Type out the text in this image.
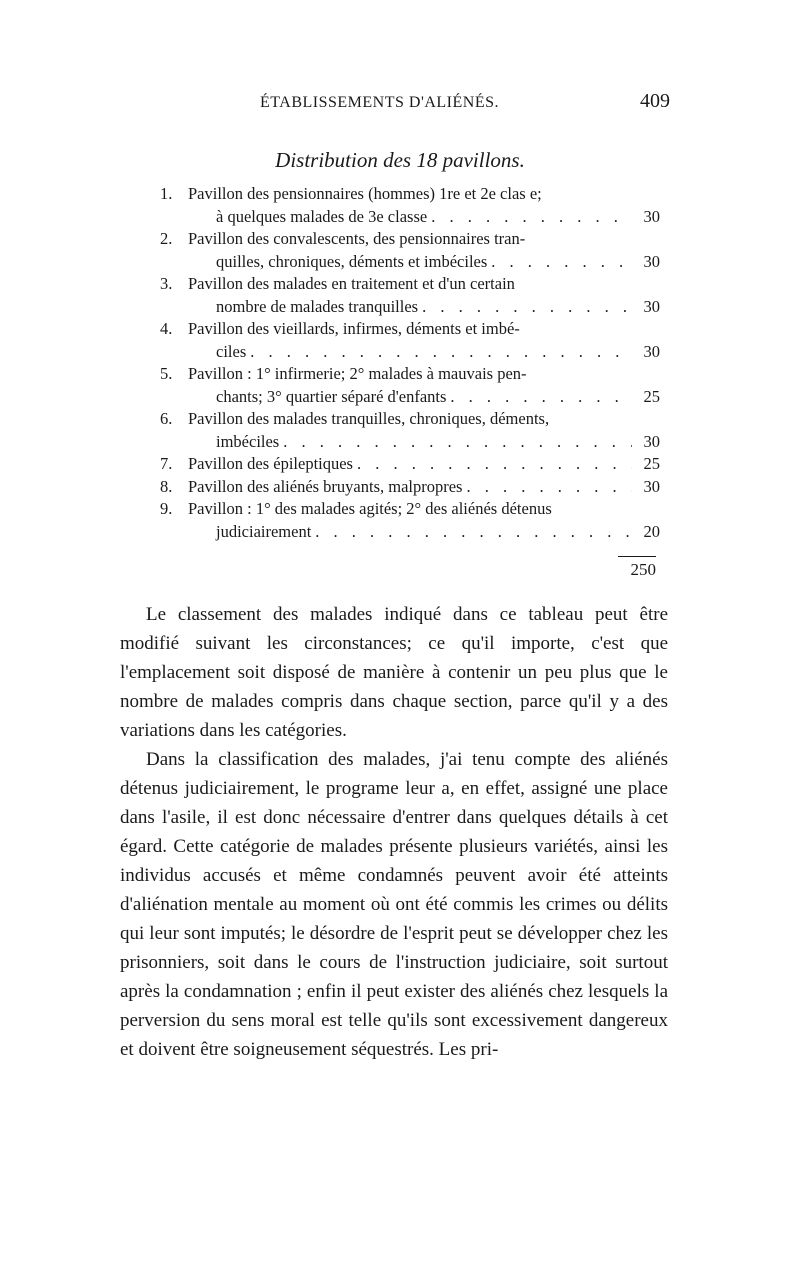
ÉTABLISSEMENTS D'ALIÉNÉS.	409
Distribution des 18 pavillons.
1. Pavillon des pensionnaires (hommes) 1re et 2e clas e;
à quelques malades de 3e classe . . .	30
2. Pavillon des convalescents, des pensionnaires tran-
quilles, chroniques, déments et imbéciles . . .	30
3. Pavillon des malades en traitement et d'un certain
nombre de malades tranquilles . . .	30
4. Pavillon des vieillards, infirmes, déments et imbé-
ciles . . .	30
5. Pavillon : 1° infirmerie; 2° malades à mauvais pen-
chants; 3° quartier séparé d'enfants . . .	25
6. Pavillon des malades tranquilles, chroniques, déments,
imbéciles . . .	30
7. Pavillon des épileptiques . . .	25
8. Pavillon des aliénés bruyants, malpropres . . .	30
9. Pavillon : 1° des malades agités; 2° des aliénés détenus
judiciairement . . .	20
250

Le classement des malades indiqué dans ce tableau peut être modifié suivant les circonstances; ce qu'il importe, c'est que l'emplacement soit disposé de manière à contenir un peu plus que le nombre de malades compris dans chaque section, parce qu'il y a des variations dans les catégories.

Dans la classification des malades, j'ai tenu compte des aliénés détenus judiciairement, le programe leur a, en effet, assigné une place dans l'asile, il est donc nécessaire d'entrer dans quelques détails à cet égard. Cette catégorie de malades présente plusieurs variétés, ainsi les individus accusés et même condamnés peuvent avoir été atteints d'aliénation mentale au moment où ont été commis les crimes ou délits qui leur sont imputés; le désordre de l'esprit peut se développer chez les prisonniers, soit dans le cours de l'instruction judiciaire, soit surtout après la condamnation ; enfin il peut exister des aliénés chez lesquels la perversion du sens moral est telle qu'ils sont excessivement dangereux et doivent être soigneusement séquestrés. Les pri-
